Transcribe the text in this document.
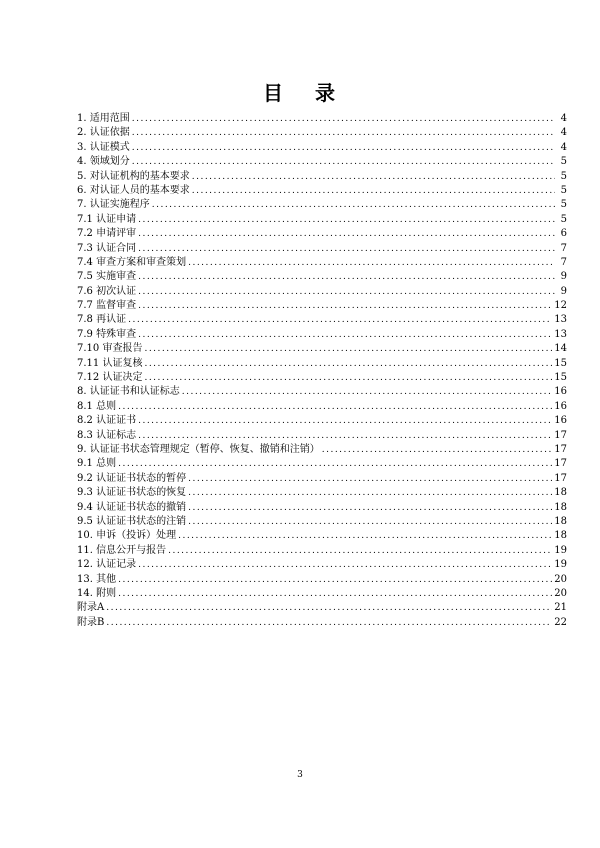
目 录
1. 适用范围 .....	4
2. 认证依据 .....	4
3. 认证模式 .....	4
4. 领域划分 .....	5
5. 对认证机构的基本要求 .....	5
6. 对认证人员的基本要求 .....	5
7. 认证实施程序 .....	5
7.1 认证申请 .....	5
7.2 申请评审 .....	6
7.3 认证合同 .....	7
7.4 审查方案和审查策划 .....	7
7.5 实施审查 .....	9
7.6 初次认证 .....	9
7.7 监督审查 .....	12
7.8 再认证 .....	13
7.9 特殊审查 .....	13
7.10 审查报告 .....	14
7.11 认证复核 .....	15
7.12 认证决定 .....	15
8. 认证证书和认证标志 .....	16
8.1 总则 .....	16
8.2 认证证书 .....	16
8.3 认证标志 .....	17
9. 认证证书状态管理规定（暂停、恢复、撤销和注销） .....	17
9.1 总则 .....	17
9.2 认证证书状态的暂停 .....	17
9.3 认证证书状态的恢复 .....	18
9.4 认证证书状态的撤销 .....	18
9.5 认证证书状态的注销 .....	18
10. 申诉（投诉）处理 .....	18
11. 信息公开与报告 .....	19
12. 认证记录 .....	19
13. 其他 .....	20
14. 附则 .....	20
附录A .....	21
附录B .....	22
3
